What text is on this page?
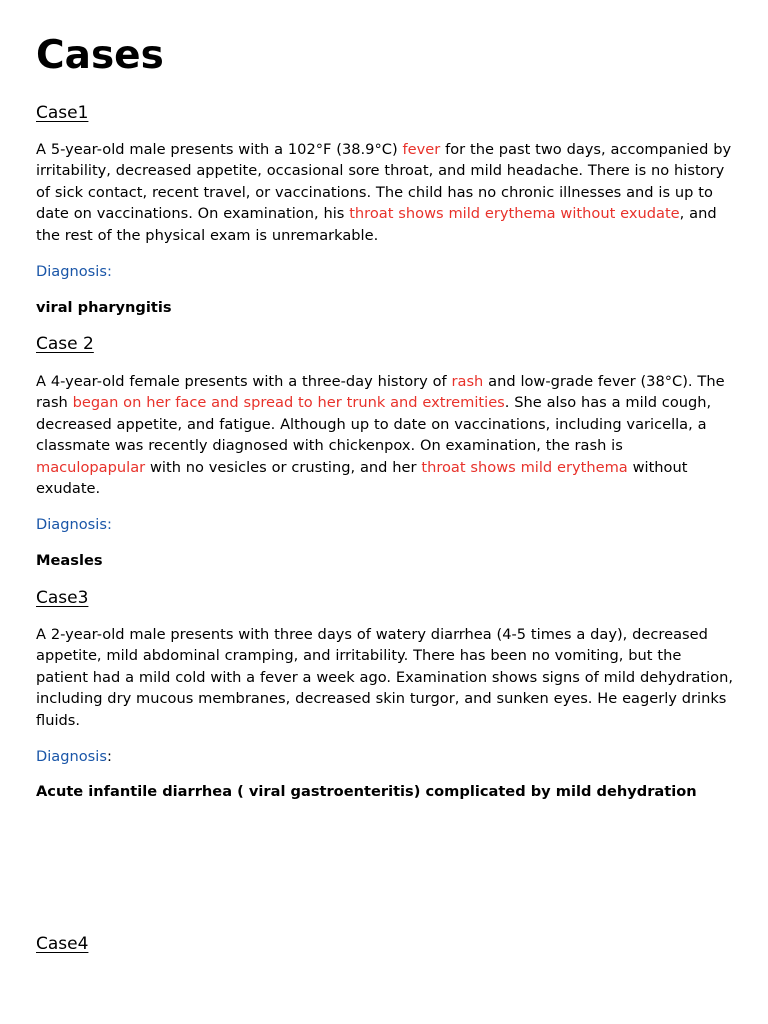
Cases
Case1

A 5-year-old male presents with a 102°F (38.9°C) fever for the past two days, accompanied by irritability, decreased appetite, occasional sore throat, and mild headache. There is no history of sick contact, recent travel, or vaccinations. The child has no chronic illnesses and is up to date on vaccinations. On examination, his throat shows mild erythema without exudate, and the rest of the physical exam is unremarkable.

Diagnosis:

viral pharyngitis

Case 2

A 4-year-old female presents with a three-day history of rash and low-grade fever (38°C). The rash began on her face and spread to her trunk and extremities. She also has a mild cough, decreased appetite, and fatigue. Although up to date on vaccinations, including varicella, a classmate was recently diagnosed with chickenpox. On examination, the rash is maculopapular with no vesicles or crusting, and her throat shows mild erythema without exudate.

Diagnosis:

Measles

Case3

A 2-year-old male presents with three days of watery diarrhea (4-5 times a day), decreased appetite, mild abdominal cramping, and irritability. There has been no vomiting, but the patient had a mild cold with a fever a week ago. Examination shows signs of mild dehydration, including dry mucous membranes, decreased skin turgor, and sunken eyes. He eagerly drinks fluids.

Diagnosis:

Acute infantile diarrhea ( viral gastroenteritis) complicated by mild dehydration

Case4
